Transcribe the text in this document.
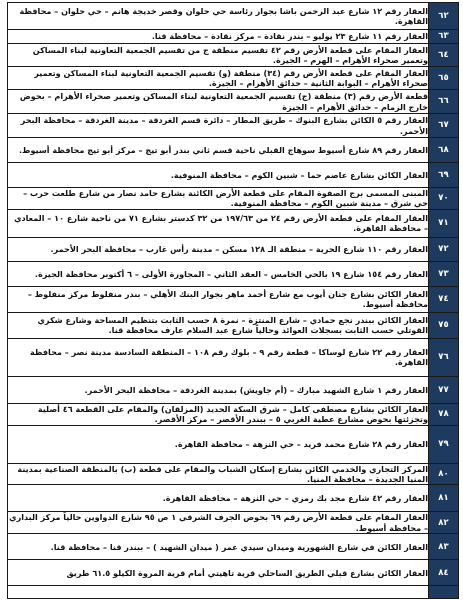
٦٢	العقار رقم ١٢ شارع عبد الرحمن باشا بجوار رئاسة حي حلوان وقصر خديجة هانم – حي حلوان – محافظة القاهرة.
٦٣	العقار رقم ١١ شارع ٢٣ يوليو – بندر نقادة – مركز نقادة – محافظة قنا.
٦٤	العقار المقام على قطعة الأرض رقم ٤٢ تقسيم منطقة ج من تقسيم الجمعية التعاونية لبناء المساكن وتعمير صحراء الأهرام – الهرم – الجيزة.
٦٥	العقار المقام على قطعة الأرض رقم (٣٤) منطقة (و) تقسيم الجمعية التعاونية لبناء المساكن وتعمير صحراء الأهرام – البوابة الثانية – حدائق الأهرام – الجيزة.
٦٦	قطعة الأرض رقم (٣) منطقة (ج) تقسيم الجمعية التعاونية لبناء المساكن وتعمير صحراء الأهرام – بحوض خارج الزمام – حدائق الأهرام – الجيزة
٦٧	العقار رقم ٥ الكائن بشارع البنوك – طريق المطار – دائرة قسم الغردقة – مدينة الغردقة – محافظة البحر الأحمر.
٦٨	العقار رقم ٨٩ شارع أسيوط سوهاج القبلي ناحية قسم ثاني بندر أبو تيج – مركز أبو تيج محافظة أسيوط.
٦٩	العقار الكائن بشارع عاصم حما – شبين الكوم – محافظة المنوفية.
٧٠	المبنى المسمى برج الصفوة المقام على قطعة الأرض الكائنة بشارع حامد نصار من شارع طلعت حرب – حي شرق – مدينة شبين الكوم – محافظة المنوفية.
٧١	العقار المقام على قطعة الأرض رقم ٢٤ من ١٩٧/٦٣ من ٣٢ كدستر بشارع ٧١ من ناحية شارع ١٠ – المعادي – محافظة القاهرة.
٧٢	العقار رقم ١١٠ شارع الحرية – منطقة الـ ١٢٨ مسكن – مدينة رأس غارب – محافظة البحر الأحمر.
٧٣	العقار رقم ١٥٤ شارع ١٩ بالحي الخامس – العقد الثاني – المجاورة الأولى – ٦ أكتوبر محافظة الجيزة.
٧٤	العقار الكائن بشارع جنان أيوب مع شارع أحمد ماهر بجوار البنك الأهلي – بندر منفلوط مركز منفلوط – محافظة أسيوط.
٧٥	العقار الكائن ببندر نجع حمادي – شارع المنتزة – نمرة ٨ حسب الثابت بتنظيم المساحة وشارع شكري القوتلي حسب الثابت بسجلات العوائد وحالياً شارع عبد السلام عارف محافظة قنا.
٧٦	العقار رقم ٢٢ شارع لوساكا – قطعة رقم ٩ – بلوك رقم ١٠٨ – المنطقة السادسة مدينة نصر – محافظة القاهرة.
٧٧	العقار رقم ١ شارع الشهيد مبارك – (أم جاويش) بمدينة الغردقة – محافظة البحر الأحمر.
٧٨	العقار الكائن بشارع مصطفى كامل – شرق السكة الحديد (المزلقان) والمقام على القطعة ٤٦ أصلية وتجزئتها بحوض مشارع عطية الغربي ٥ – ببندر الأقصر – مركز الأقصر.
٧٩	العقار رقم ٢٨ شارع محمد فريد – حي النزهة – محافظة القاهرة.
٨٠	المركز التجاري والخدمي الكائن بشارع إسكان الشباب والمقام على قطعة (ب) بالمنطقة الصناعية بمدينة المنيا الجديدة – محافظة المنيا.
٨١	العقار رقم ٤٢ شارع مجد بك رمزي – حي النزهة – محافظة القاهرة.
٨٢	العقار المقام على قطعة الأرض رقم ٦٩ بحوض الجرف الشرقي ١ ص ٩٥ شارع الدواوين حالياً مركز البداري – محافظة أسيوط.
٨٣	العقار الكائن في شارع الشهورية وميدان سيدي عمر ( ميدان الشهيد ) – ببندر قنا – محافظة قنا.
٨٤	العقار الكائن بشارع قبلي الطريق الساحلي قرية تاهيتي أمام قرية المروة الكيلو ٦١.٥ طريق
